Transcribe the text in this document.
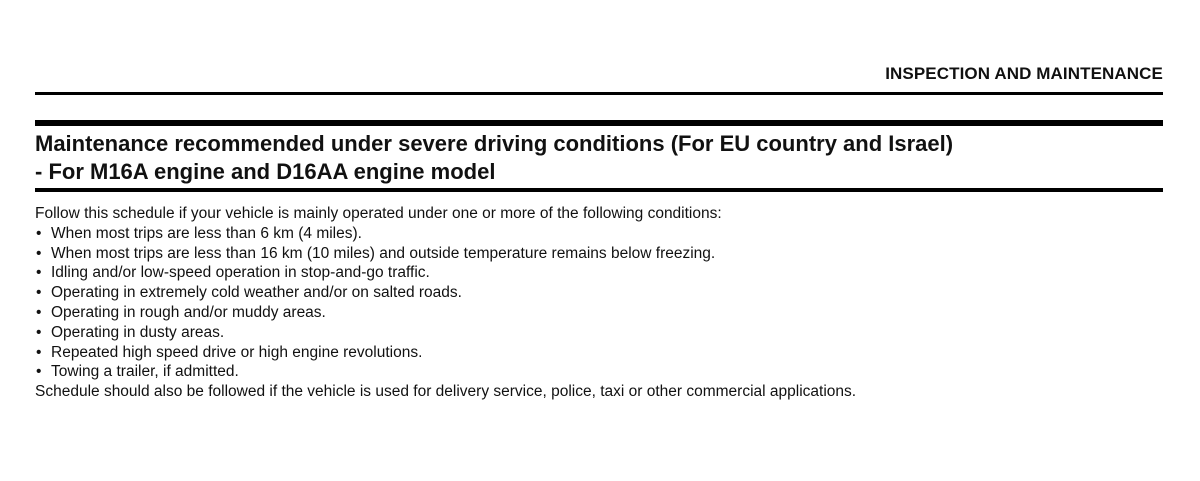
INSPECTION AND MAINTENANCE
Maintenance recommended under severe driving conditions (For EU country and Israel)
- For M16A engine and D16AA engine model
Follow this schedule if your vehicle is mainly operated under one or more of the following conditions:
• When most trips are less than 6 km (4 miles).
• When most trips are less than 16 km (10 miles) and outside temperature remains below freezing.
• Idling and/or low-speed operation in stop-and-go traffic.
• Operating in extremely cold weather and/or on salted roads.
• Operating in rough and/or muddy areas.
• Operating in dusty areas.
• Repeated high speed drive or high engine revolutions.
• Towing a trailer, if admitted.
Schedule should also be followed if the vehicle is used for delivery service, police, taxi or other commercial applications.
